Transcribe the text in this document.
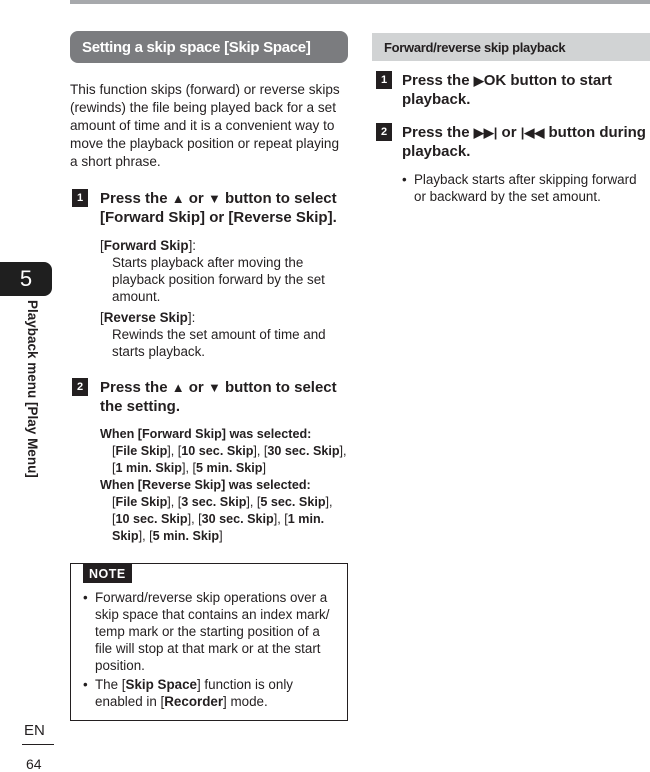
5
Playback menu [Play Menu]
EN
64
Setting a skip space [Skip Space]

This function skips (forward) or reverse skips (rewinds) the file being played back for a set amount of time and it is a convenient way to move the playback position or repeat playing a short phrase.

1	Press the ▲ or ▼ button to select [Forward Skip] or [Reverse Skip].
[Forward Skip]:
Starts playback after moving the playback position forward by the set amount.
[Reverse Skip]:
Rewinds the set amount of time and starts playback.
2	Press the ▲ or ▼ button to select the setting.
When [Forward Skip] was selected:
[File Skip], [10 sec. Skip], [30 sec. Skip], [1 min. Skip], [5 min. Skip]
When [Reverse Skip] was selected:
[File Skip], [3 sec. Skip], [5 sec. Skip], [10 sec. Skip], [30 sec. Skip], [1 min. Skip], [5 min. Skip]
NOTE
• Forward/reverse skip operations over a skip space that contains an index mark/ temp mark or the starting position of a file will stop at that mark or at the start position.
• The [Skip Space] function is only enabled in [Recorder] mode.
Forward/reverse skip playback
1 Press the ▶OK button to start playback.
2 Press the ▶▶| or |◀◀ button during playback.
• Playback starts after skipping forward or backward by the set amount.
